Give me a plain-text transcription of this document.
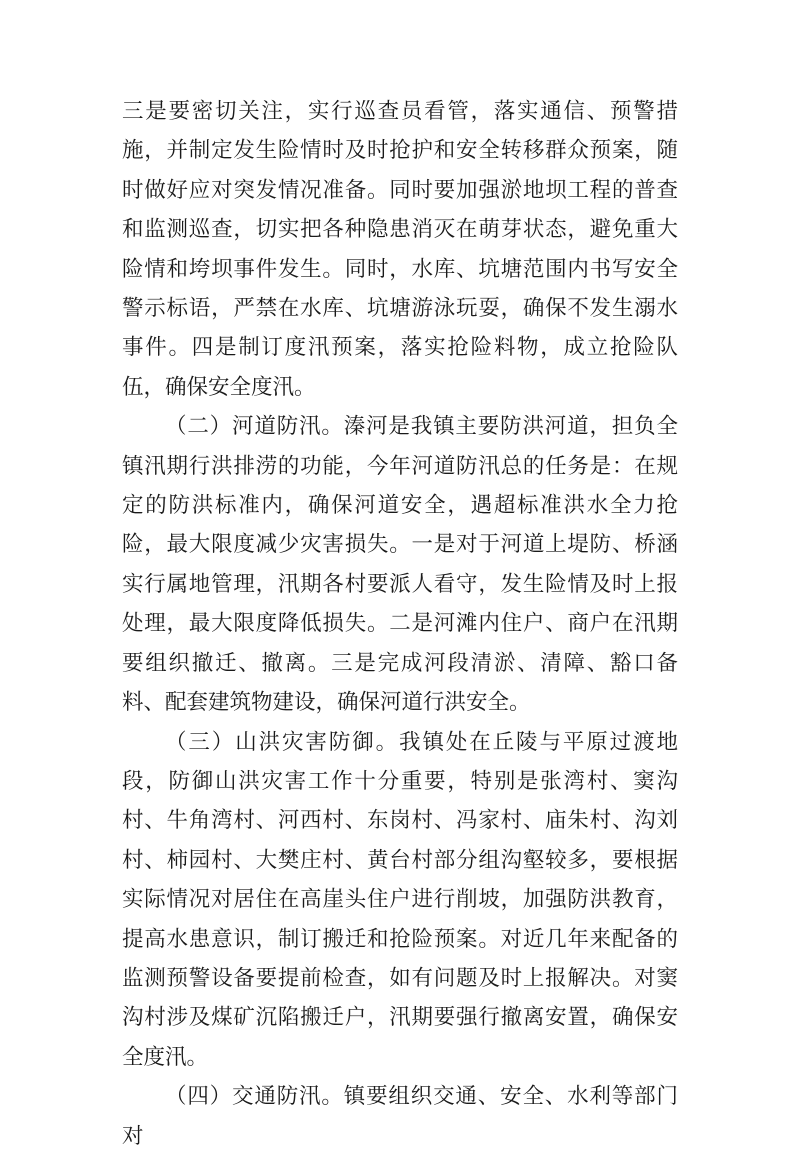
三是要密切关注，实行巡查员看管，落实通信、预警措施，并制定发生险情时及时抢护和安全转移群众预案，随时做好应对突发情况准备。同时要加强淤地坝工程的普查和监测巡查，切实把各种隐患消灭在萌芽状态，避免重大险情和垮坝事件发生。同时，水库、坑塘范围内书写安全警示标语，严禁在水库、坑塘游泳玩耍，确保不发生溺水事件。四是制订度汛预案，落实抢险料物，成立抢险队伍，确保安全度汛。

（二）河道防汛。溱河是我镇主要防洪河道，担负全镇汛期行洪排涝的功能，今年河道防汛总的任务是：在规定的防洪标准内，确保河道安全，遇超标准洪水全力抢险，最大限度减少灾害损失。一是对于河道上堤防、桥涵实行属地管理，汛期各村要派人看守，发生险情及时上报处理，最大限度降低损失。二是河滩内住户、商户在汛期要组织撤迁、撤离。三是完成河段清淤、清障、豁口备料、配套建筑物建设，确保河道行洪安全。

（三）山洪灾害防御。我镇处在丘陵与平原过渡地段，防御山洪灾害工作十分重要，特别是张湾村、窦沟村、牛角湾村、河西村、东岗村、冯家村、庙朱村、沟刘村、柿园村、大樊庄村、黄台村部分组沟壑较多，要根据实际情况对居住在高崖头住户进行削坡，加强防洪教育，提高水患意识，制订搬迁和抢险预案。对近几年来配备的监测预警设备要提前检查，如有问题及时上报解决。对窦沟村涉及煤矿沉陷搬迁户，汛期要强行撤离安置，确保安全度汛。

（四）交通防汛。镇要组织交通、安全、水利等部门对
